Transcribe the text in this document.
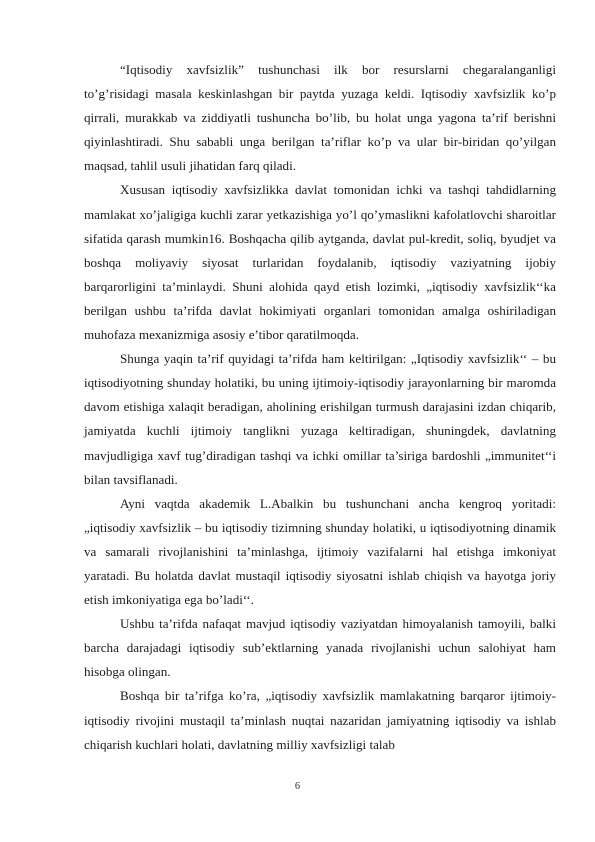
“Iqtisodiy xavfsizlik” tushunchasi ilk bor resurslarni chegaralanganligi to’g’risidagi masala keskinlashgan bir paytda yuzaga keldi. Iqtisodiy xavfsizlik ko’p qirrali, murakkab va ziddiyatli tushuncha bo’lib, bu holat unga yagona ta’rif berishni qiyinlashtiradi. Shu sababli unga berilgan ta’riflar ko’p va ular bir-biridan qo’yilgan maqsad, tahlil usuli jihatidan farq qiladi.

Xususan iqtisodiy xavfsizlikka davlat tomonidan ichki va tashqi tahdidlarning mamlakat xo’jaligiga kuchli zarar yetkazishiga yo’l qo’ymaslikni kafolatlovchi sharoitlar sifatida qarash mumkin16. Boshqacha qilib aytganda, davlat pul-kredit, soliq, byudjet va boshqa moliyaviy siyosat turlaridan foydalanib, iqtisodiy vaziyatning ijobiy barqarorligini ta’minlaydi. Shuni alohida qayd etish lozimki, „iqtisodiy xavfsizlik‘‘ka berilgan ushbu ta’rifda davlat hokimiyati organlari tomonidan amalga oshiriladigan muhofaza mexanizmiga asosiy e’tibor qaratilmoqda.

Shunga yaqin ta’rif quyidagi ta’rifda ham keltirilgan: „Iqtisodiy xavfsizlik‘‘ – bu iqtisodiyotning shunday holatiki, bu uning ijtimoiy-iqtisodiy jarayonlarning bir maromda davom etishiga xalaqit beradigan, aholining erishilgan turmush darajasini izdan chiqarib, jamiyatda kuchli ijtimoiy tanglikni yuzaga keltiradigan, shuningdek, davlatning mavjudligiga xavf tug’diradigan tashqi va ichki omillar ta’siriga bardoshli „immunitet‘‘i bilan tavsiflanadi.

Ayni vaqtda akademik L.Abalkin bu tushunchani ancha kengroq yoritadi: „iqtisodiy xavfsizlik – bu iqtisodiy tizimning shunday holatiki, u iqtisodiyotning dinamik va samarali rivojlanishini ta’minlashga, ijtimoiy vazifalarni hal etishga imkoniyat yaratadi. Bu holatda davlat mustaqil iqtisodiy siyosatni ishlab chiqish va hayotga joriy etish imkoniyatiga ega bo’ladi‘‘.

Ushbu ta’rifda nafaqat mavjud iqtisodiy vaziyatdan himoyalanish tamoyili, balki barcha darajadagi iqtisodiy sub’ektlarning yanada rivojlanishi uchun salohiyat ham hisobga olingan.

Boshqa bir ta’rifga ko’ra, „iqtisodiy xavfsizlik mamlakatning barqaror ijtimoiy-iqtisodiy rivojini mustaqil ta’minlash nuqtai nazaridan jamiyatning iqtisodiy va ishlab chiqarish kuchlari holati, davlatning milliy xavfsizligi talab

6
